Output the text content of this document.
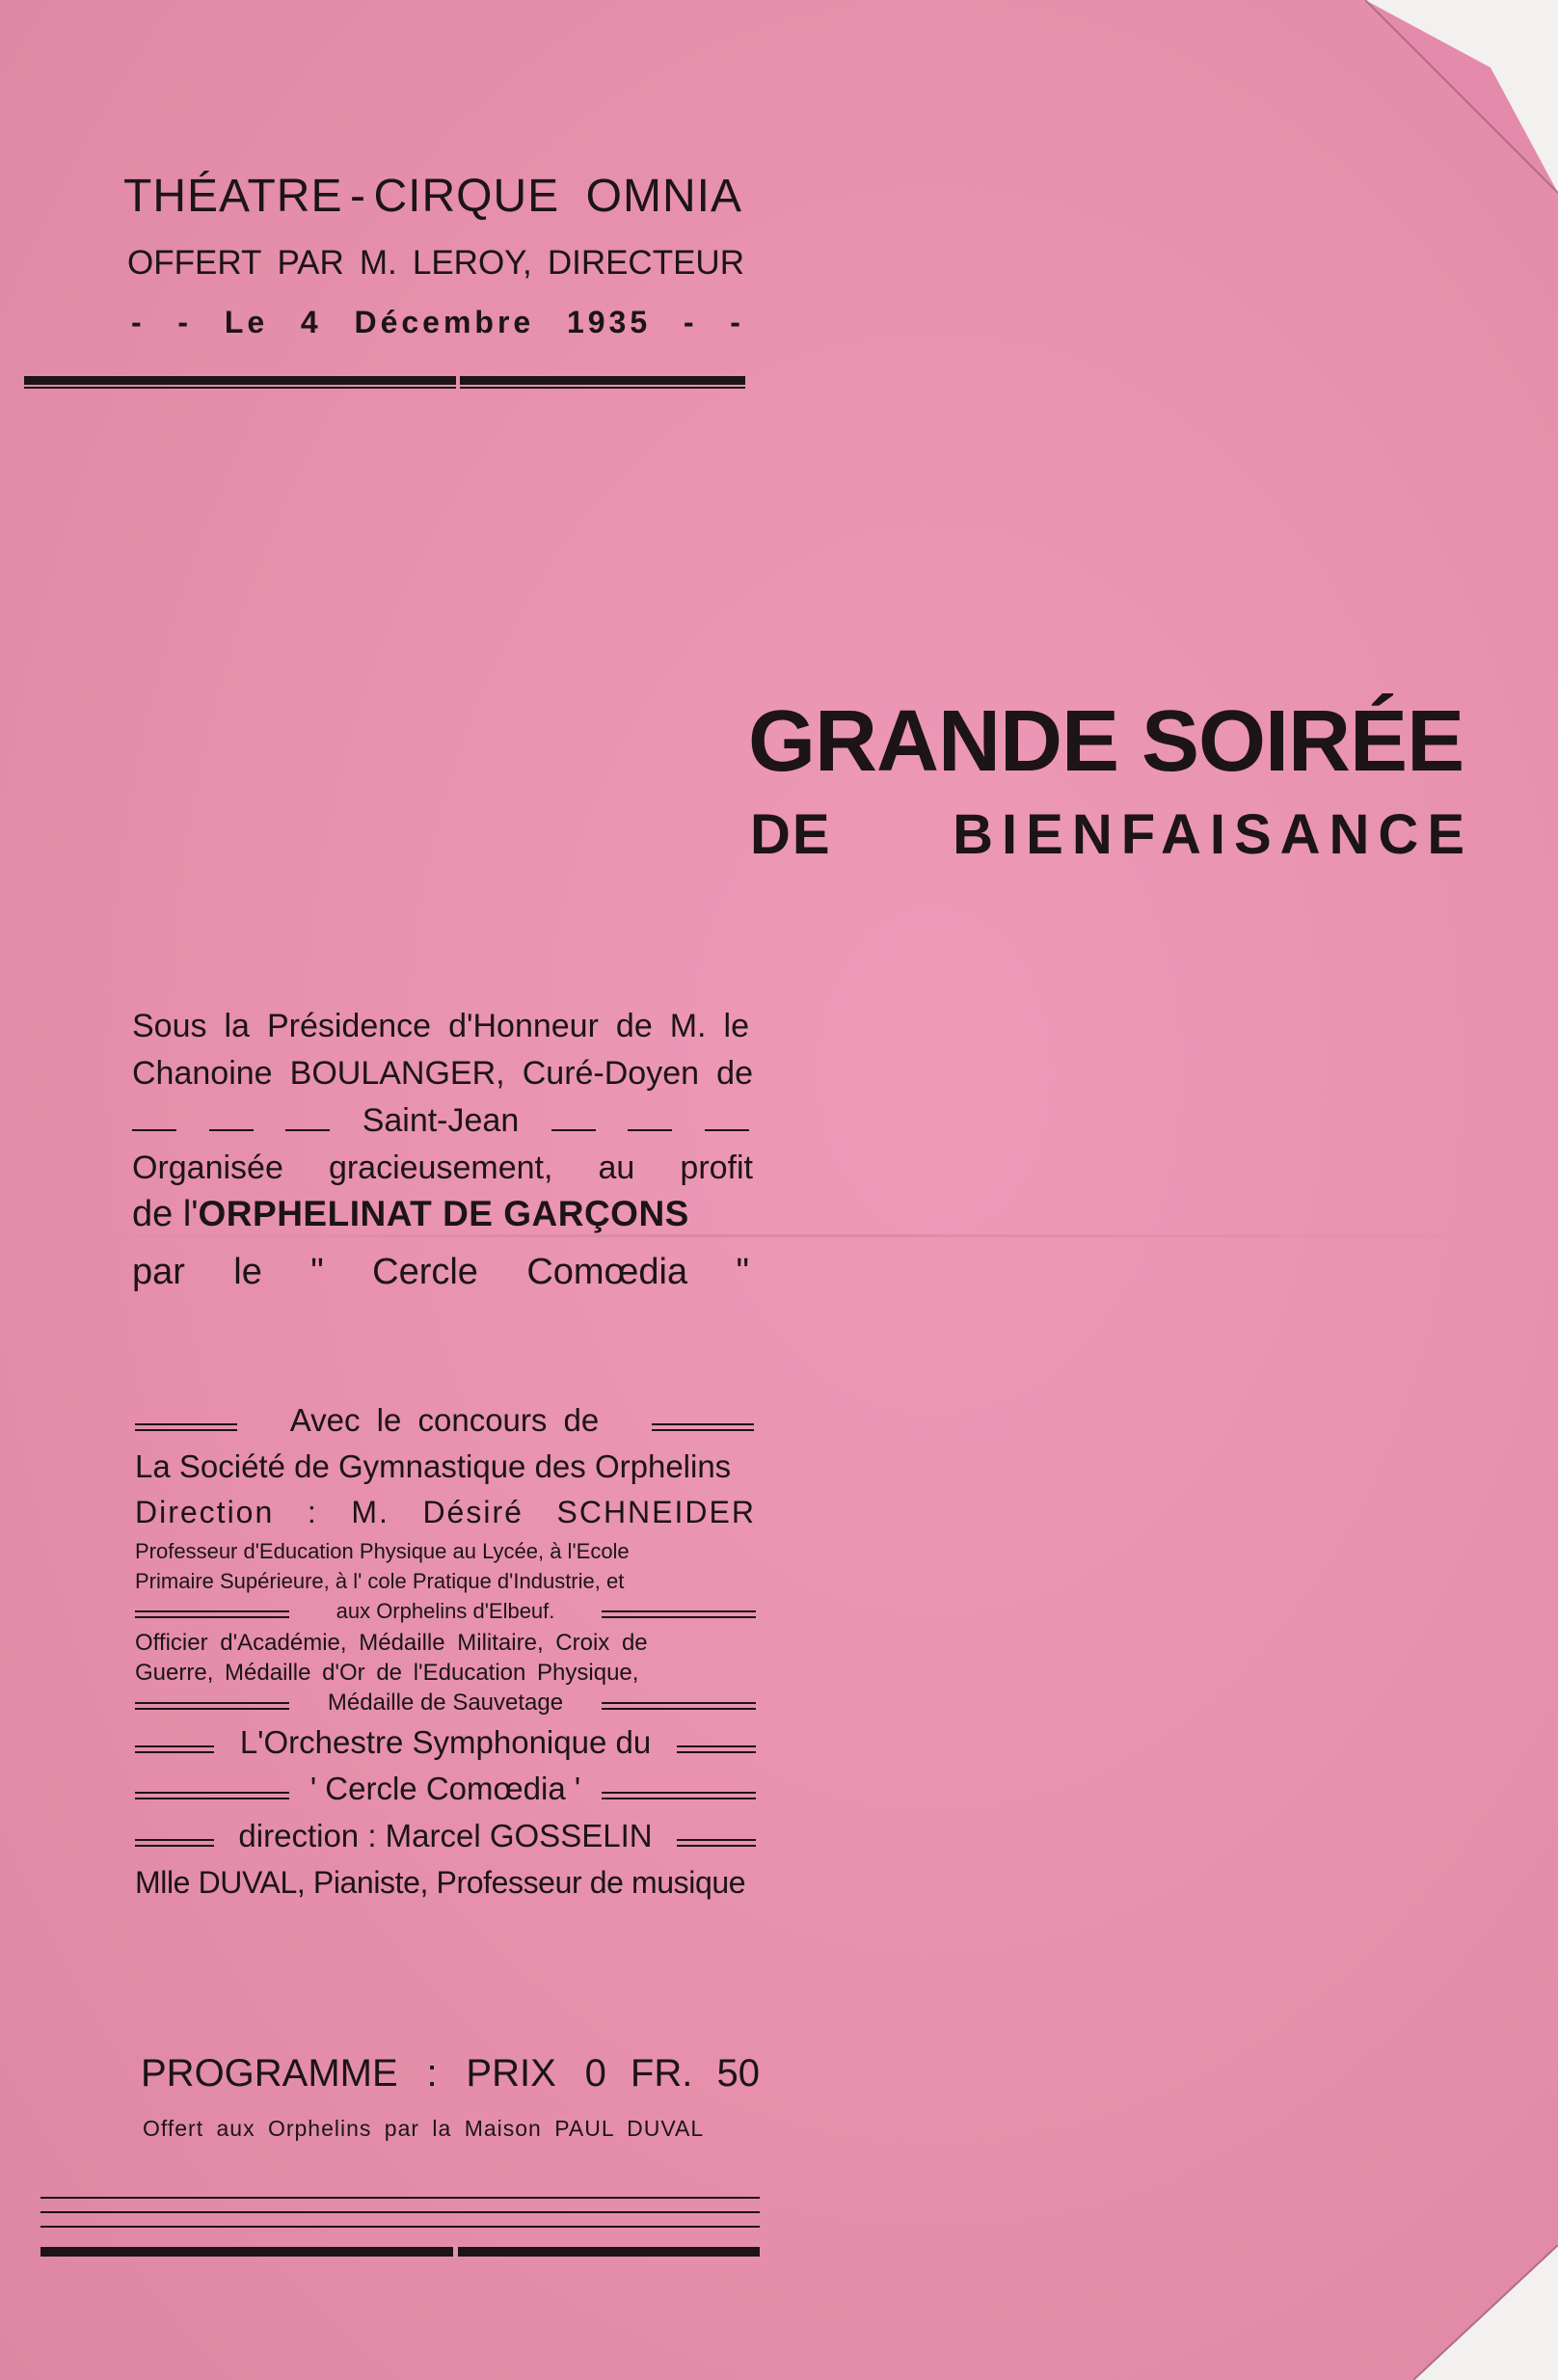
THÉATRE - CIRQUE OMNIA
OFFERT PAR M. LEROY, DIRECTEUR
- - Le 4 Décembre 1935 - -
GRANDE SOIRÉE
DE BIENFAISANCE
Sous la Présidence d'Honneur de M. le
Chanoine BOULANGER, Curé-Doyen de
Saint-Jean
Organisée gracieusement, au profit
de l'ORPHELINAT DE GARÇONS
par le " Cercle Comœdia "
Avec le concours de
La Société de Gymnastique des Orphelins
Direction : M. Désiré SCHNEIDER
Professeur d'Education Physique au Lycée, à l'Ecole
Primaire Supérieure, à l' cole Pratique d'Industrie, et
aux Orphelins d'Elbeuf.
Officier d'Académie, Médaille Militaire, Croix de
Guerre, Médaille d'Or de l'Education Physique,
Médaille de Sauvetage
L'Orchestre Symphonique du
' Cercle Comœdia '
direction : Marcel GOSSELIN
Mlle DUVAL, Pianiste, Professeur de musique
PROGRAMME : PRIX 0 FR. 50
Offert aux Orphelins par la Maison PAUL DUVAL
